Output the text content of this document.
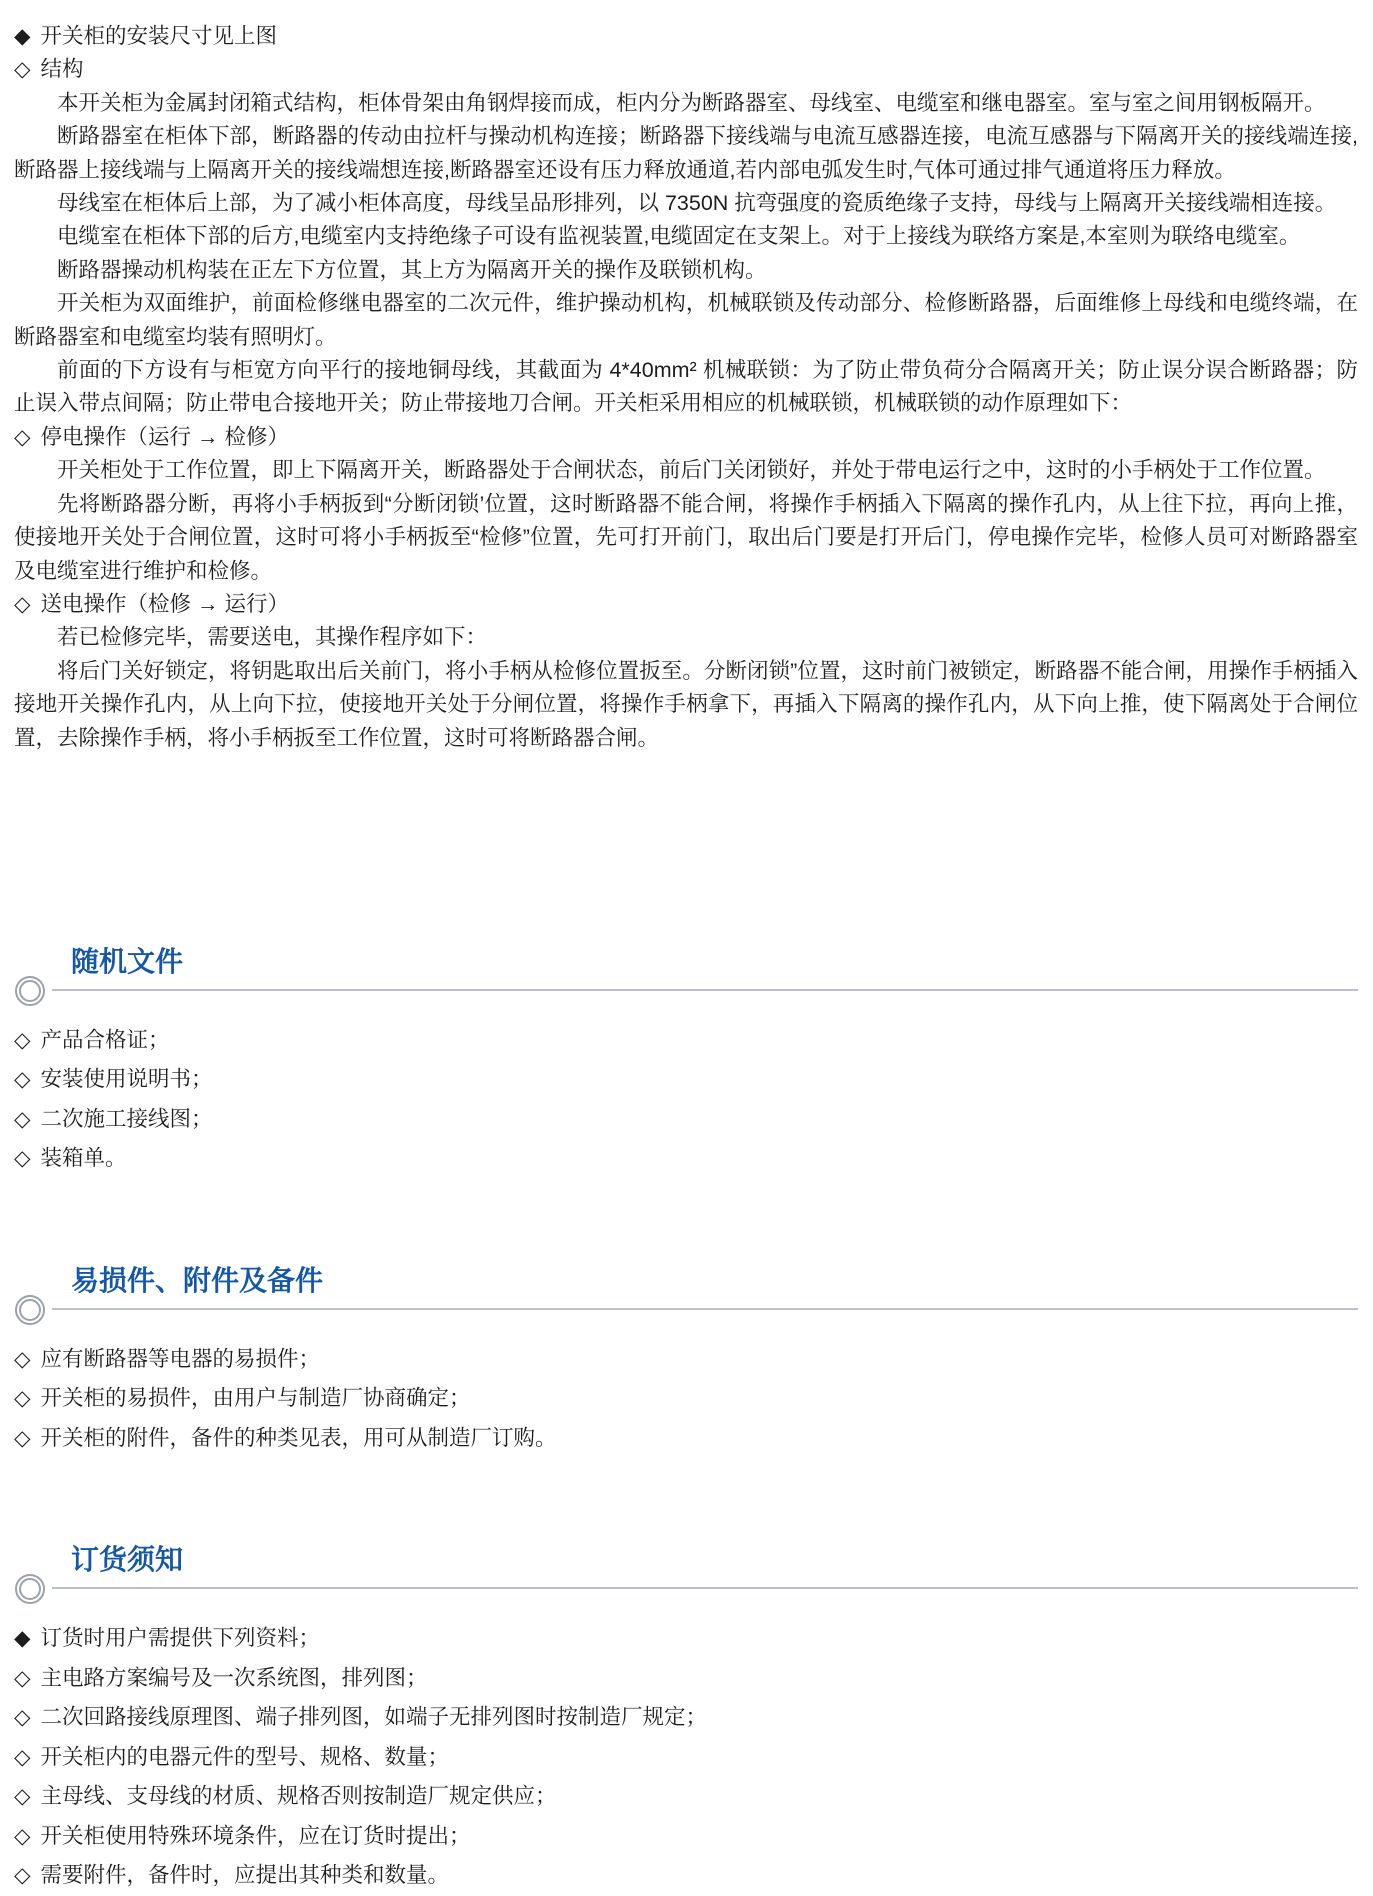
◆ 开关柜的安装尺寸见上图

◇ 结构

本开关柜为金属封闭箱式结构，柜体骨架由角钢焊接而成，柜内分为断路器室、母线室、电缆室和继电器室。室与室之间用钢板隔开。

断路器室在柜体下部，断路器的传动由拉杆与操动机构连接；断路器下接线端与电流互感器连接，电流互感器与下隔离开关的接线端连接,断路器上接线端与上隔离开关的接线端想连接,断路器室还设有压力释放通道,若内部电弧发生时,气体可通过排气通道将压力释放。

母线室在柜体后上部，为了减小柜体高度，母线呈品形排列，以 7350N 抗弯强度的瓷质绝缘子支持，母线与上隔离开关接线端相连接。

电缆室在柜体下部的后方,电缆室内支持绝缘子可设有监视装置,电缆固定在支架上。对于上接线为联络方案是,本室则为联络电缆室。

断路器操动机构装在正左下方位置，其上方为隔离开关的操作及联锁机构。

开关柜为双面维护，前面检修继电器室的二次元件，维护操动机构，机械联锁及传动部分、检修断路器，后面维修上母线和电缆终端，在断路器室和电缆室均装有照明灯。

前面的下方设有与柜宽方向平行的接地铜母线，其截面为 4*40mm² 机械联锁：为了防止带负荷分合隔离开关；防止误分误合断路器；防止误入带点间隔；防止带电合接地开关；防止带接地刀合闸。开关柜采用相应的机械联锁，机械联锁的动作原理如下：

◇ 停电操作（运行 → 检修）

开关柜处于工作位置，即上下隔离开关，断路器处于合闸状态，前后门关闭锁好，并处于带电运行之中，这时的小手柄处于工作位置。

先将断路器分断，再将小手柄扳到“分断闭锁’位置，这时断路器不能合闸，将操作手柄插入下隔离的操作孔内，从上往下拉，再向上推，使接地开关处于合闸位置，这时可将小手柄扳至“检修”位置，先可打开前门，取出后门要是打开后门，停电操作完毕，检修人员可对断路器室及电缆室进行维护和检修。

◇ 送电操作（检修 → 运行）

若已检修完毕，需要送电，其操作程序如下：

将后门关好锁定，将钥匙取出后关前门，将小手柄从检修位置扳至。分断闭锁”位置，这时前门被锁定，断路器不能合闸，用操作手柄插入接地开关操作孔内，从上向下拉，使接地开关处于分闸位置，将操作手柄拿下，再插入下隔离的操作孔内，从下向上推，使下隔离处于合闸位置，去除操作手柄，将小手柄扳至工作位置，这时可将断路器合闸。

随机文件

◇ 产品合格证；

◇ 安装使用说明书；

◇ 二次施工接线图；

◇ 装箱单。

易损件、附件及备件

◇ 应有断路器等电器的易损件；

◇ 开关柜的易损件，由用户与制造厂协商确定；

◇ 开关柜的附件，备件的种类见表，用可从制造厂订购。

订货须知

◆ 订货时用户需提供下列资料；

◇ 主电路方案编号及一次系统图，排列图；

◇ 二次回路接线原理图、端子排列图，如端子无排列图时按制造厂规定；

◇ 开关柜内的电器元件的型号、规格、数量；

◇ 主母线、支母线的材质、规格否则按制造厂规定供应；

◇ 开关柜使用特殊环境条件，应在订货时提出；

◇ 需要附件，备件时，应提出其种类和数量。
